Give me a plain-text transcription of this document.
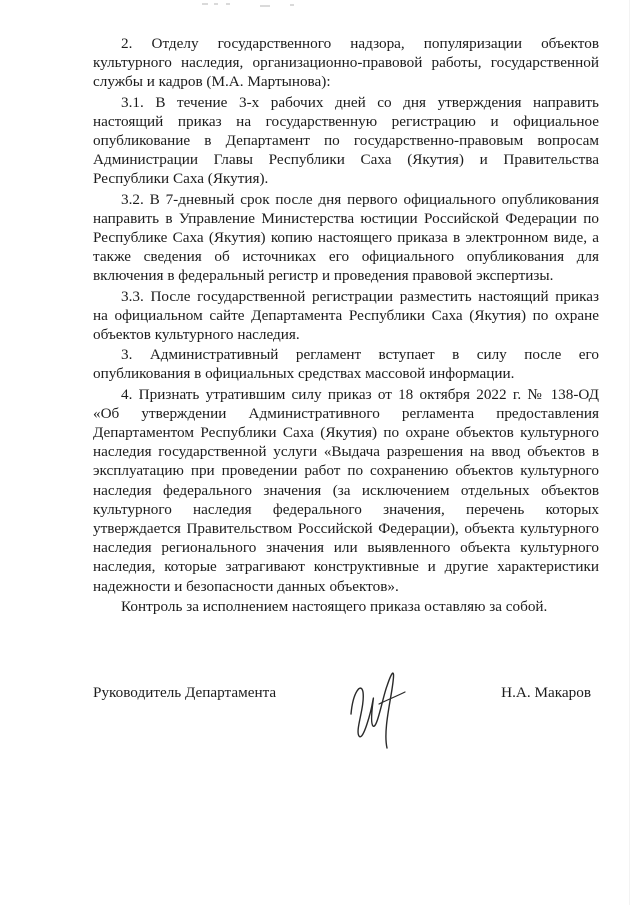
2. Отделу государственного надзора, популяризации объектов культурного наследия, организационно-правовой работы, государственной службы и кадров (М.А. Мартынова):

3.1. В течение 3-х рабочих дней со дня утверждения направить настоящий приказ на государственную регистрацию и официальное опубликование в Департамент по государственно-правовым вопросам Администрации Главы Республики Саха (Якутия) и Правительства Республики Саха (Якутия).

3.2. В 7-дневный срок после дня первого официального опубликования направить в Управление Министерства юстиции Российской Федерации по Республике Саха (Якутия) копию настоящего приказа в электронном виде, а также сведения об источниках его официального опубликования для включения в федеральный регистр и проведения правовой экспертизы.

3.3. После государственной регистрации разместить настоящий приказ на официальном сайте Департамента Республики Саха (Якутия) по охране объектов культурного наследия.

3. Административный регламент вступает в силу после его опубликования в официальных средствах массовой информации.

4. Признать утратившим силу приказ от 18 октября 2022 г. № 138-ОД «Об утверждении Административного регламента предоставления Департаментом Республики Саха (Якутия) по охране объектов культурного наследия государственной услуги «Выдача разрешения на ввод объектов в эксплуатацию при проведении работ по сохранению объектов культурного наследия федерального значения (за исключением отдельных объектов культурного наследия федерального значения, перечень которых утверждается Правительством Российской Федерации), объекта культурного наследия регионального значения или выявленного объекта культурного наследия, которые затрагивают конструктивные и другие характеристики надежности и безопасности данных объектов».

Контроль за исполнением настоящего приказа оставляю за собой.

Руководитель Департамента	Н.А. Макаров
